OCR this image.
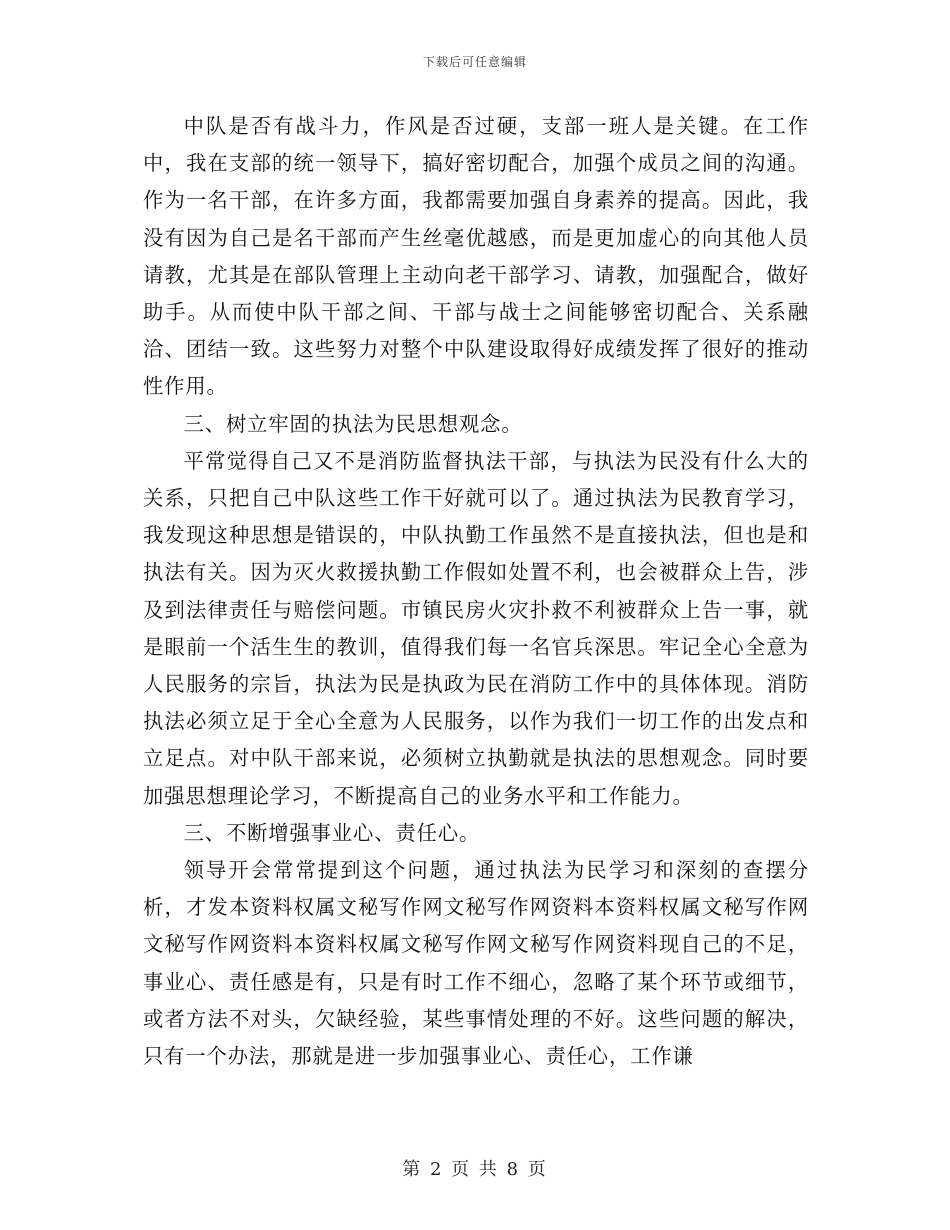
下载后可任意编辑

中队是否有战斗力，作风是否过硬，支部一班人是关键。在工作中，我在支部的统一领导下，搞好密切配合，加强个成员之间的沟通。作为一名干部，在许多方面，我都需要加强自身素养的提高。因此，我没有因为自己是名干部而产生丝毫优越感，而是更加虚心的向其他人员请教，尤其是在部队管理上主动向老干部学习、请教，加强配合，做好助手。从而使中队干部之间、干部与战士之间能够密切配合、关系融洽、团结一致。这些努力对整个中队建设取得好成绩发挥了很好的推动性作用。

三、树立牢固的执法为民思想观念。

平常觉得自己又不是消防监督执法干部，与执法为民没有什么大的关系，只把自己中队这些工作干好就可以了。通过执法为民教育学习，我发现这种思想是错误的，中队执勤工作虽然不是直接执法，但也是和执法有关。因为灭火救援执勤工作假如处置不利，也会被群众上告，涉及到法律责任与赔偿问题。市镇民房火灾扑救不利被群众上告一事，就是眼前一个活生生的教训，值得我们每一名官兵深思。牢记全心全意为人民服务的宗旨，执法为民是执政为民在消防工作中的具体体现。消防执法必须立足于全心全意为人民服务，以作为我们一切工作的出发点和立足点。对中队干部来说，必须树立执勤就是执法的思想观念。同时要加强思想理论学习，不断提高自己的业务水平和工作能力。

三、不断增强事业心、责任心。

领导开会常常提到这个问题，通过执法为民学习和深刻的查摆分析，才发本资料权属文秘写作网文秘写作网资料本资料权属文秘写作网文秘写作网资料本资料权属文秘写作网文秘写作网资料现自己的不足，事业心、责任感是有，只是有时工作不细心，忽略了某个环节或细节，或者方法不对头，欠缺经验，某些事情处理的不好。这些问题的解决，只有一个办法，那就是进一步加强事业心、责任心，工作谦

第 2 页 共 8 页
